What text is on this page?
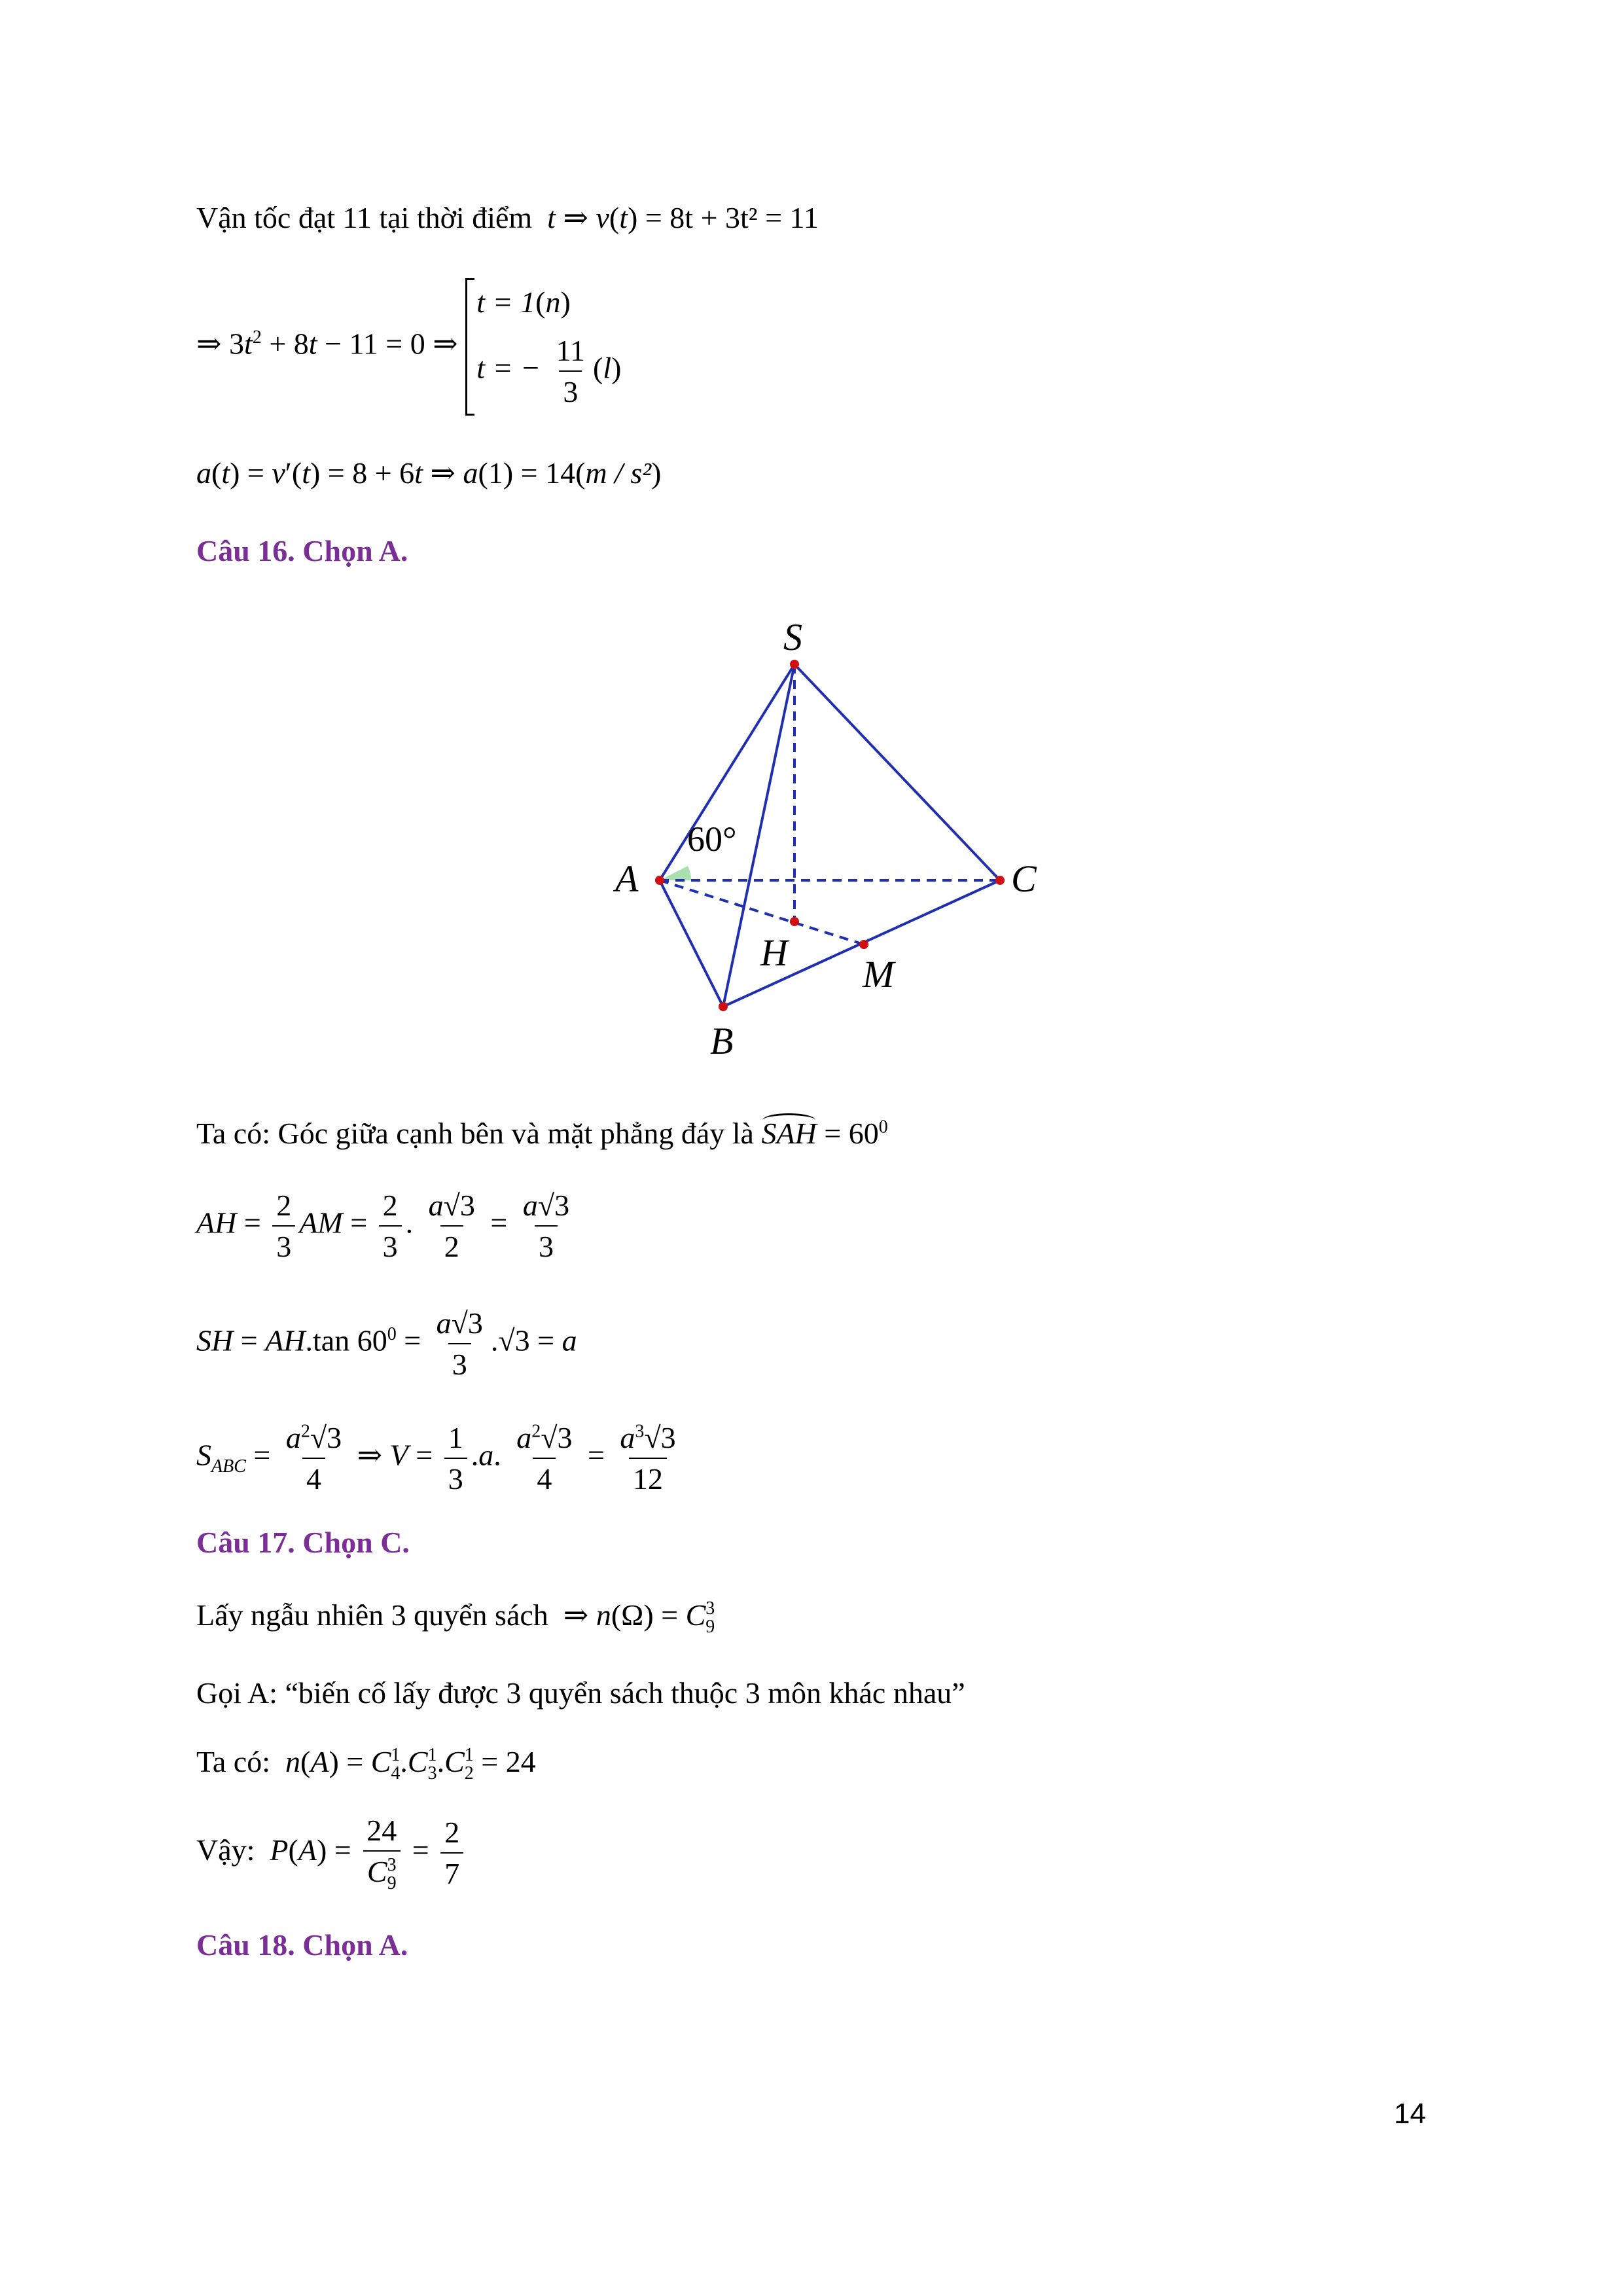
Vận tốc đạt 11 tại thời điểm  t ⇒ v(t) = 8t + 3t² = 11
⇒ $3t^2 + 8t - 11 = 0$ ⇒
t = 1(n)
t = − $\frac{11}{3} (l)$
a(t) = v′(t) = 8 + 6t ⇒ a(1) = 14(m / s²)
Câu 16. Chọn A.
S
A
B
C
H
M
60°
Ta có: Góc giữa cạnh bên và mặt phẳng đáy là SAH = $60^0$
AH = $\frac{2}{3}$ AM = $\frac{2}{3}$ . $\frac{a√3}{2} = \frac{a√3}{3}$
SH = AH.tan $60^0 = \frac{a√3}{3} .√3 = a$
$S_{ABC} = \frac{a^2√3}{4}$ ⇒ $V = \frac{1}{3} .a$. $\frac{a^2√3}{4} = \frac{a^3√3}{12}$
Câu 17. Chọn C.
Lấy ngẫu nhiên 3 quyển sách  ⇒ n(Ω) = C 3
9
Gọi A: “biến cố lấy được 3 quyển sách thuộc 3 môn khác nhau”
Ta có: n(A) = C 1
4 .C 1
3 .C 1
2 = 24
Vậy: P(A) = 24
C 3
$9 = \frac{2}{7}$
Câu 18. Chọn A.
14
